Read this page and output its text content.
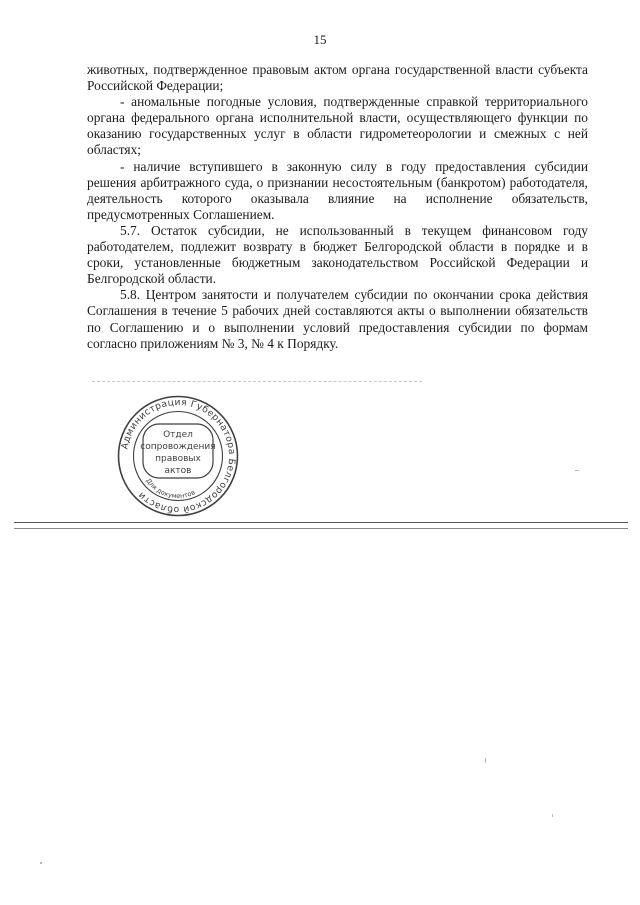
15

животных, подтвержденное правовым актом органа государственной власти субъекта Российской Федерации;

- аномальные погодные условия, подтвержденные справкой территориального органа федерального органа исполнительной власти, осуществляющего функции по оказанию государственных услуг в области гидрометеорологии и смежных с ней областях;

- наличие вступившего в законную силу в году предоставления субсидии решения арбитражного суда, о признании несостоятельным (банкротом) работодателя, деятельность которого оказывала влияние на исполнение обязательств, предусмотренных Соглашением.

5.7. Остаток субсидии, не использованный в текущем финансовом году работодателем, подлежит возврату в бюджет Белгородской области в порядке и в сроки, установленные бюджетным законодательством Российской Федерации и Белгородской области.

5.8. Центром занятости и получателем субсидии по окончании срока действия Соглашения в течение 5 рабочих дней составляются акты о выполнении обязательств по Соглашению и о выполнении условий предоставления субсидии по формам согласно приложениям № 3, № 4 к Порядку.

Администрация Губернатора Белгородской области
Для документов
Отдел
сопровождения
правовых
актов
